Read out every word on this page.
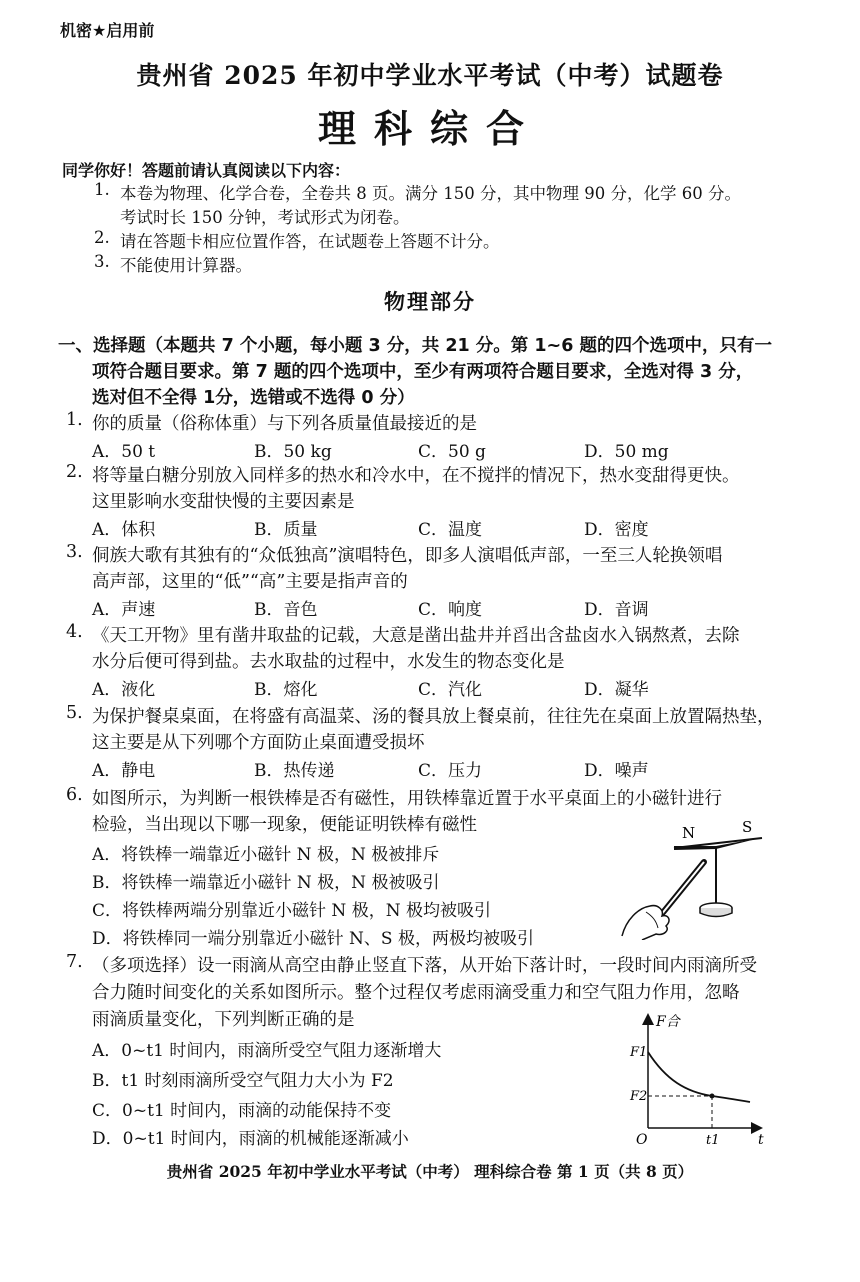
机密★启用前
贵州省 2025 年初中学业水平考试（中考）试题卷
理科综合
同学你好！答题前请认真阅读以下内容：
1. 本卷为物理、化学合卷，全卷共 8 页。满分 150 分，其中物理 90 分，化学 60 分。
考试时长 150 分钟，考试形式为闭卷。
2. 请在答题卡相应位置作答，在试题卷上答题不计分。
3. 不能使用计算器。
物理部分
一、选择题（本题共 7 个小题，每小题 3 分，共 21 分。第 1~6 题的四个选项中，只有一
项符合题目要求。第 7 题的四个选项中，至少有两项符合题目要求，全选对得 3 分，
选对但不全得 1分，选错或不选得 0 分）
1. 你的质量（俗称体重）与下列各质量值最接近的是
A．50 t	B．50 kg	C．50 g	D．50 mg
2. 将等量白糖分别放入同样多的热水和冷水中，在不搅拌的情况下，热水变甜得更快。
这里影响水变甜快慢的主要因素是
A．体积	B．质量	C．温度	D．密度
3. 侗族大歌有其独有的“众低独高”演唱特色，即多人演唱低声部，一至三人轮换领唱
高声部，这里的“低”“高”主要是指声音的
A．声速	B．音色	C．响度	D．音调
4. 《天工开物》里有凿井取盐的记载，大意是凿出盐井并舀出含盐卤水入锅熬煮，去除
水分后便可得到盐。去水取盐的过程中，水发生的物态变化是
A．液化	B．熔化	C．汽化	D．凝华
5. 为保护餐桌桌面，在将盛有高温菜、汤的餐具放上餐桌前，往往先在桌面上放置隔热垫，
这主要是从下列哪个方面防止桌面遭受损坏
A．静电	B．热传递	C．压力	D．噪声
6. 如图所示，为判断一根铁棒是否有磁性，用铁棒靠近置于水平桌面上的小磁针进行
检验，当出现以下哪一现象，便能证明铁棒有磁性
A．将铁棒一端靠近小磁针 N 极，N 极被排斥
B．将铁棒一端靠近小磁针 N 极，N 极被吸引
C．将铁棒两端分别靠近小磁针 N 极，N 极均被吸引
D．将铁棒同一端分别靠近小磁针 N、S 极，两极均被吸引
N	S
7. （多项选择）设一雨滴从高空由静止竖直下落，从开始下落计时，一段时间内雨滴所受
合力随时间变化的关系如图所示。整个过程仅考虑雨滴受重力和空气阻力作用，忽略
雨滴质量变化，下列判断正确的是
A．0~t1 时间内，雨滴所受空气阻力逐渐增大
B．t1 时刻雨滴所受空气阻力大小为 F2
C．0~t1 时间内，雨滴的动能保持不变
D．0~t1 时间内，雨滴的机械能逐渐减小
F合
t
O
F1
F2
t1
贵州省 2025 年初中学业水平考试（中考） 理科综合卷 第 1 页（共 8 页）
